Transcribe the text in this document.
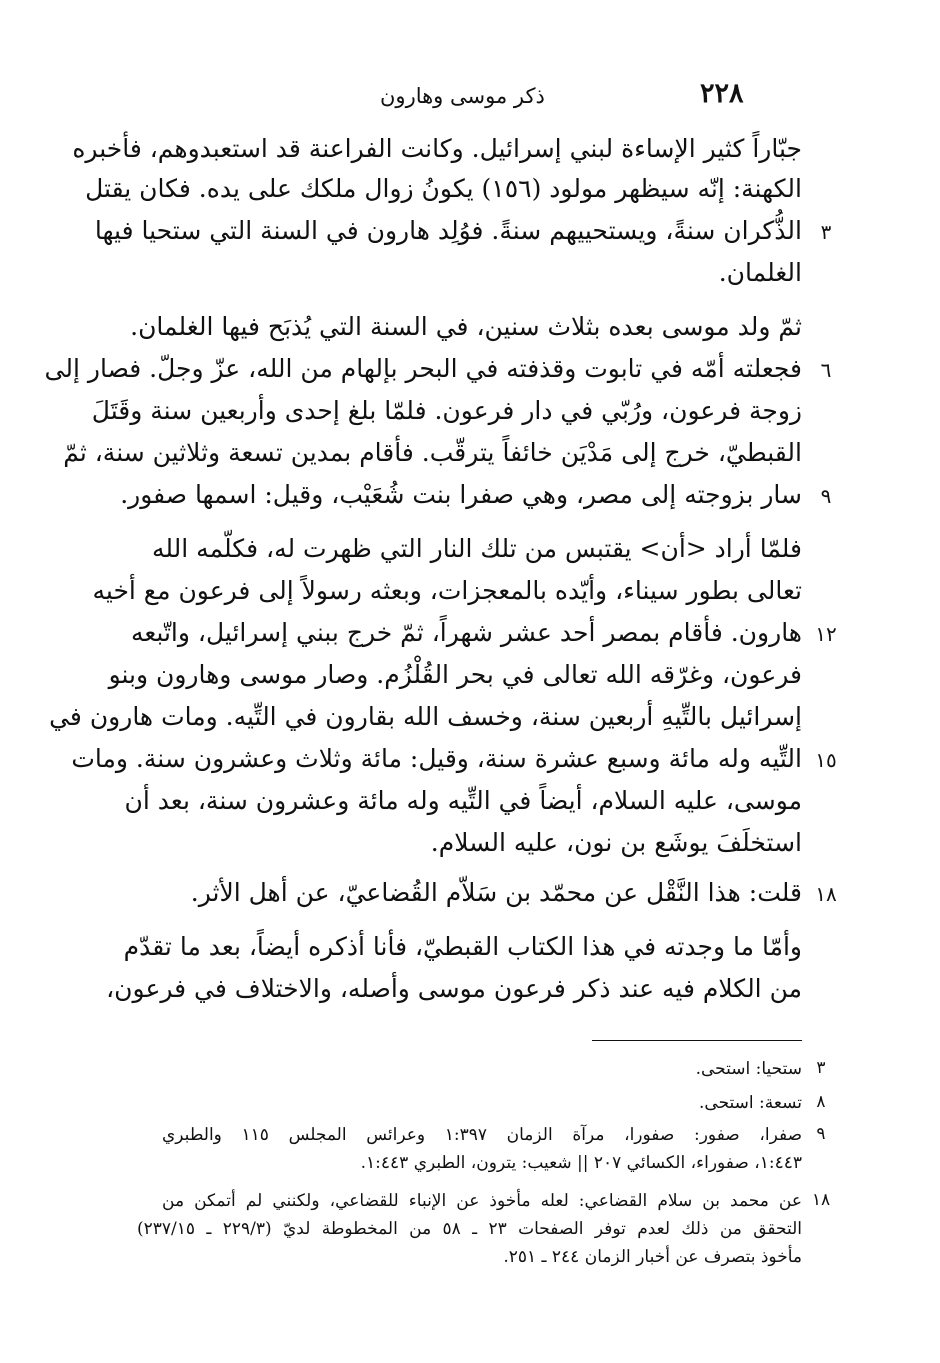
٢٢٨
ذكر موسى وهارون
جبّاراً كثير الإساءة لبني إسرائيل. وكانت الفراعنة قد استعبدوهم، فأخبره
الكهنة: إنّه سيظهر مولود (١٥٦) يكونُ زوال ملكك على يده. فكان يقتل
الذُّكران سنةً، ويستحييهم سنةً. فوُلِد هارون في السنة التي ستحيا فيها
الغلمان.
ثمّ ولد موسى بعده بثلاث سنين، في السنة التي يُذبَح فيها الغلمان.
فجعلته أمّه في تابوت وقذفته في البحر بإلهام من الله، عزّ وجلّ. فصار إلى
زوجة فرعون، ورُبّي في دار فرعون. فلمّا بلغ إحدى وأربعين سنة وقَتَلَ
القبطيّ، خرج إلى مَدْيَن خائفاً يترقّب. فأقام بمدين تسعة وثلاثين سنة، ثمّ
سار بزوجته إلى مصر، وهي صفرا بنت شُعَيْب، وقيل: اسمها صفور.
فلمّا أراد <أن> يقتبس من تلك النار التي ظهرت له، فكلّمه الله
تعالى بطور سيناء، وأيّده بالمعجزات، وبعثه رسولاً إلى فرعون مع أخيه
هارون. فأقام بمصر أحد عشر شهراً، ثمّ خرج ببني إسرائيل، واتّبعه
فرعون، وغرّقه الله تعالى في بحر القُلْزُم. وصار موسى وهارون وبنو
إسرائيل بالتِّيهِ أربعين سنة، وخسف الله بقارون في التِّيه. ومات هارون في
التِّيه وله مائة وسبع عشرة سنة، وقيل: مائة وثلاث وعشرون سنة. ومات
موسى، عليه السلام، أيضاً في التِّيه وله مائة وعشرون سنة، بعد أن
استخلَفَ يوشَع بن نون، عليه السلام.
قلت: هذا النَّقْل عن محمّد بن سَلاّم القُضاعيّ، عن أهل الأثر.
وأمّا ما وجدته في هذا الكتاب القبطيّ، فأنا أذكره أيضاً، بعد ما تقدّم
من الكلام فيه عند ذكر فرعون موسى وأصله، والاختلاف في فرعون،
٣
٦
٩
١٢
١٥
١٨
٣
ستحيا: استحى.
٨
تسعة: استحى.
٩
صفرا، صفور: صفورا، مرآة الزمان ١:٣٩٧ وعرائس المجلس ١١٥ والطبري
١:٤٤٣، صفوراء، الكسائي ٢٠٧ || شعيب: يترون، الطبري ١:٤٤٣.
١٨
عن محمد بن سلام القضاعي: لعله مأخوذ عن الإنباء للقضاعي، ولكنني لم أتمكن من
التحقق من ذلك لعدم توفر الصفحات ٢٣ ـ ٥٨ من المخطوطة لديّ (٢٢٩/٣ ـ ٢٣٧/١٥)
مأخوذ بتصرف عن أخبار الزمان ٢٤٤ ـ ٢٥١.
